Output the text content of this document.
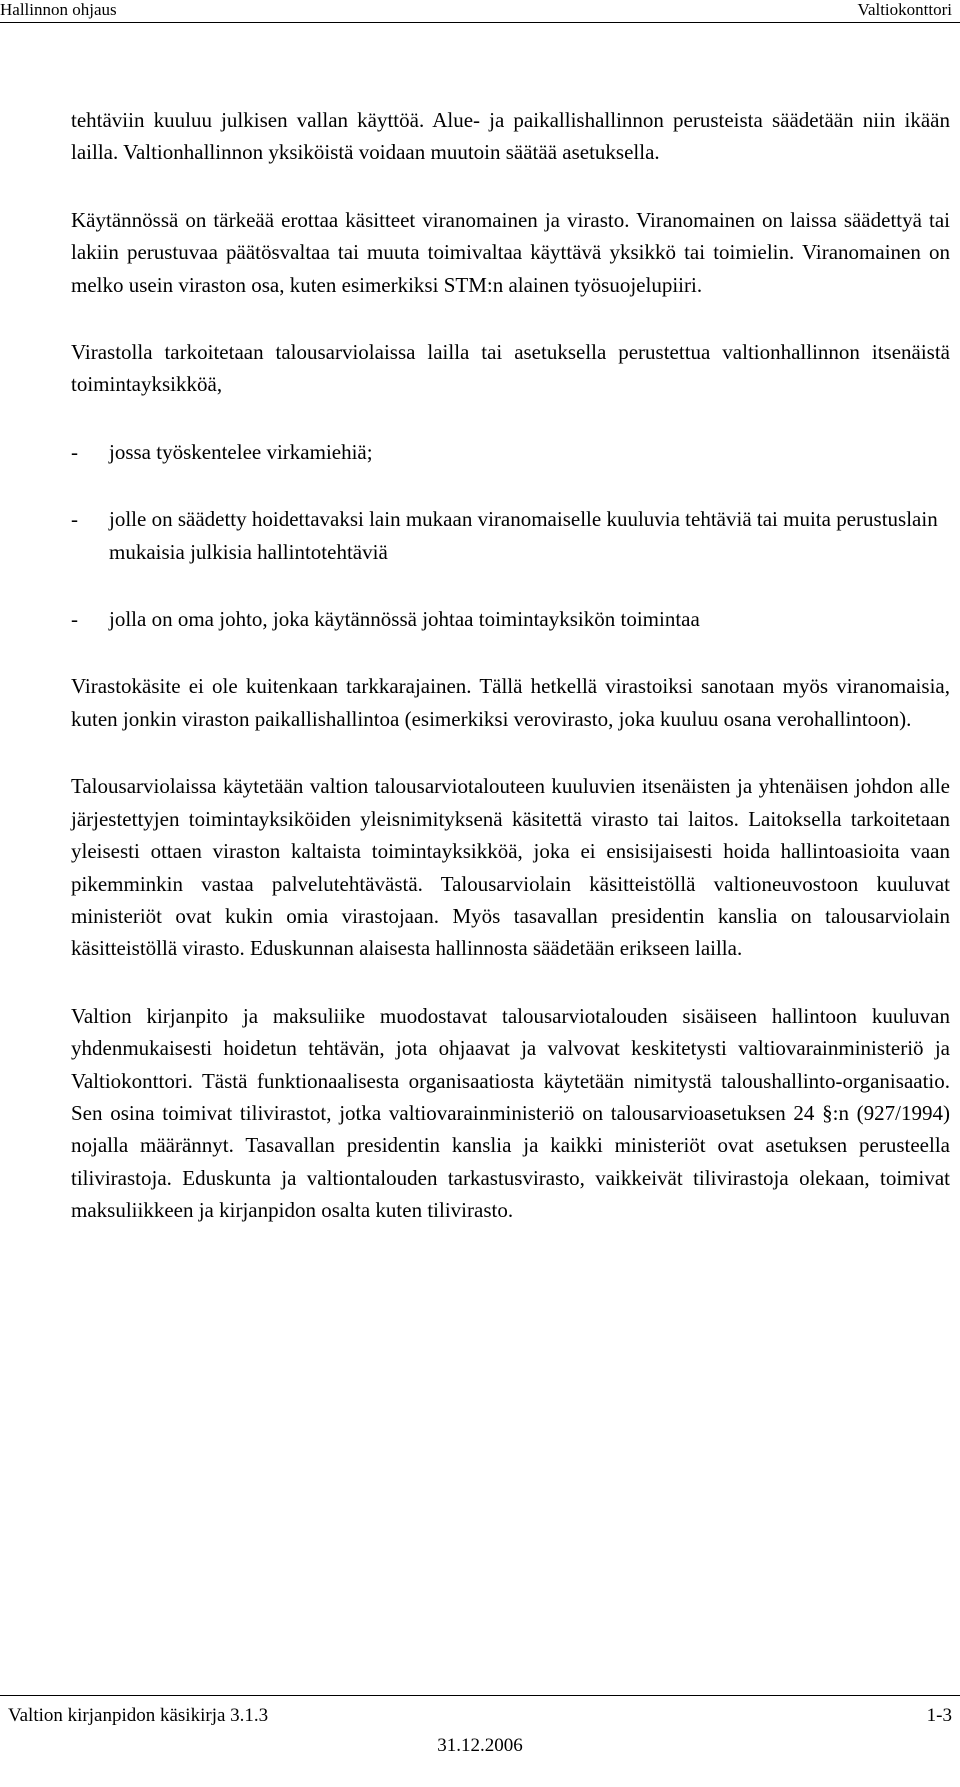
Hallinnon ohjaus	Valtiokonttori

tehtäviin kuuluu julkisen vallan käyttöä. Alue- ja paikallishallinnon perusteista säädetään niin ikään lailla. Valtionhallinnon yksiköistä voidaan muutoin säätää asetuksella.

Käytännössä on tärkeää erottaa käsitteet viranomainen ja virasto. Viranomainen on laissa säädettyä tai lakiin perustuvaa päätösvaltaa tai muuta toimivaltaa käyttävä yksikkö tai toimielin. Viranomainen on melko usein viraston osa, kuten esimerkiksi STM:n alainen työsuojelupiiri.

Virastolla tarkoitetaan talousarviolaissa lailla tai asetuksella perustettua valtionhallinnon itsenäistä toimintayksikköä,

-	jossa työskentelee virkamiehiä;
-	jolle on säädetty hoidettavaksi lain mukaan viranomaiselle kuuluvia tehtäviä tai muita perustuslain mukaisia julkisia hallintotehtäviä
-	jolla on oma johto, joka käytännössä johtaa toimintayksikön toimintaa

Virastokäsite ei ole kuitenkaan tarkkarajainen. Tällä hetkellä virastoiksi sanotaan myös viranomaisia, kuten jonkin viraston paikallishallintoa (esimerkiksi verovirasto, joka kuuluu osana verohallintoon).

Talousarviolaissa käytetään valtion talousarviotalouteen kuuluvien itsenäisten ja yhtenäisen johdon alle järjestettyjen toimintayksiköiden yleisnimityksenä käsitettä virasto tai laitos. Laitoksella tarkoitetaan yleisesti ottaen viraston kaltaista toimintayksikköä, joka ei ensisijaisesti hoida hallintoasioita vaan pikemminkin vastaa palvelutehtävästä. Talousarviolain käsitteistöllä valtioneuvostoon kuuluvat ministeriöt ovat kukin omia virastojaan. Myös tasavallan presidentin kanslia on talousarviolain käsitteistöllä virasto. Eduskunnan alaisesta hallinnosta säädetään erikseen lailla.

Valtion kirjanpito ja maksuliike muodostavat talousarviotalouden sisäiseen hallintoon kuuluvan yhdenmukaisesti hoidetun tehtävän, jota ohjaavat ja valvovat keskitetysti valtiovarainministeriö ja Valtiokonttori. Tästä funktionaalisesta organisaatiosta käytetään nimitystä taloushallinto-organisaatio. Sen osina toimivat tilivirastot, jotka valtiovarainministeriö on talousarvioasetuksen 24 §:n (927/1994) nojalla määrännyt. Tasavallan presidentin kanslia ja kaikki ministeriöt ovat asetuksen perusteella tilivirastoja. Eduskunta ja valtiontalouden tarkastusvirasto, vaikkeivät tilivirastoja olekaan, toimivat maksuliikkeen ja kirjanpidon osalta kuten tilivirasto.

Valtion kirjanpidon käsikirja 3.1.3	1-3
31.12.2006
